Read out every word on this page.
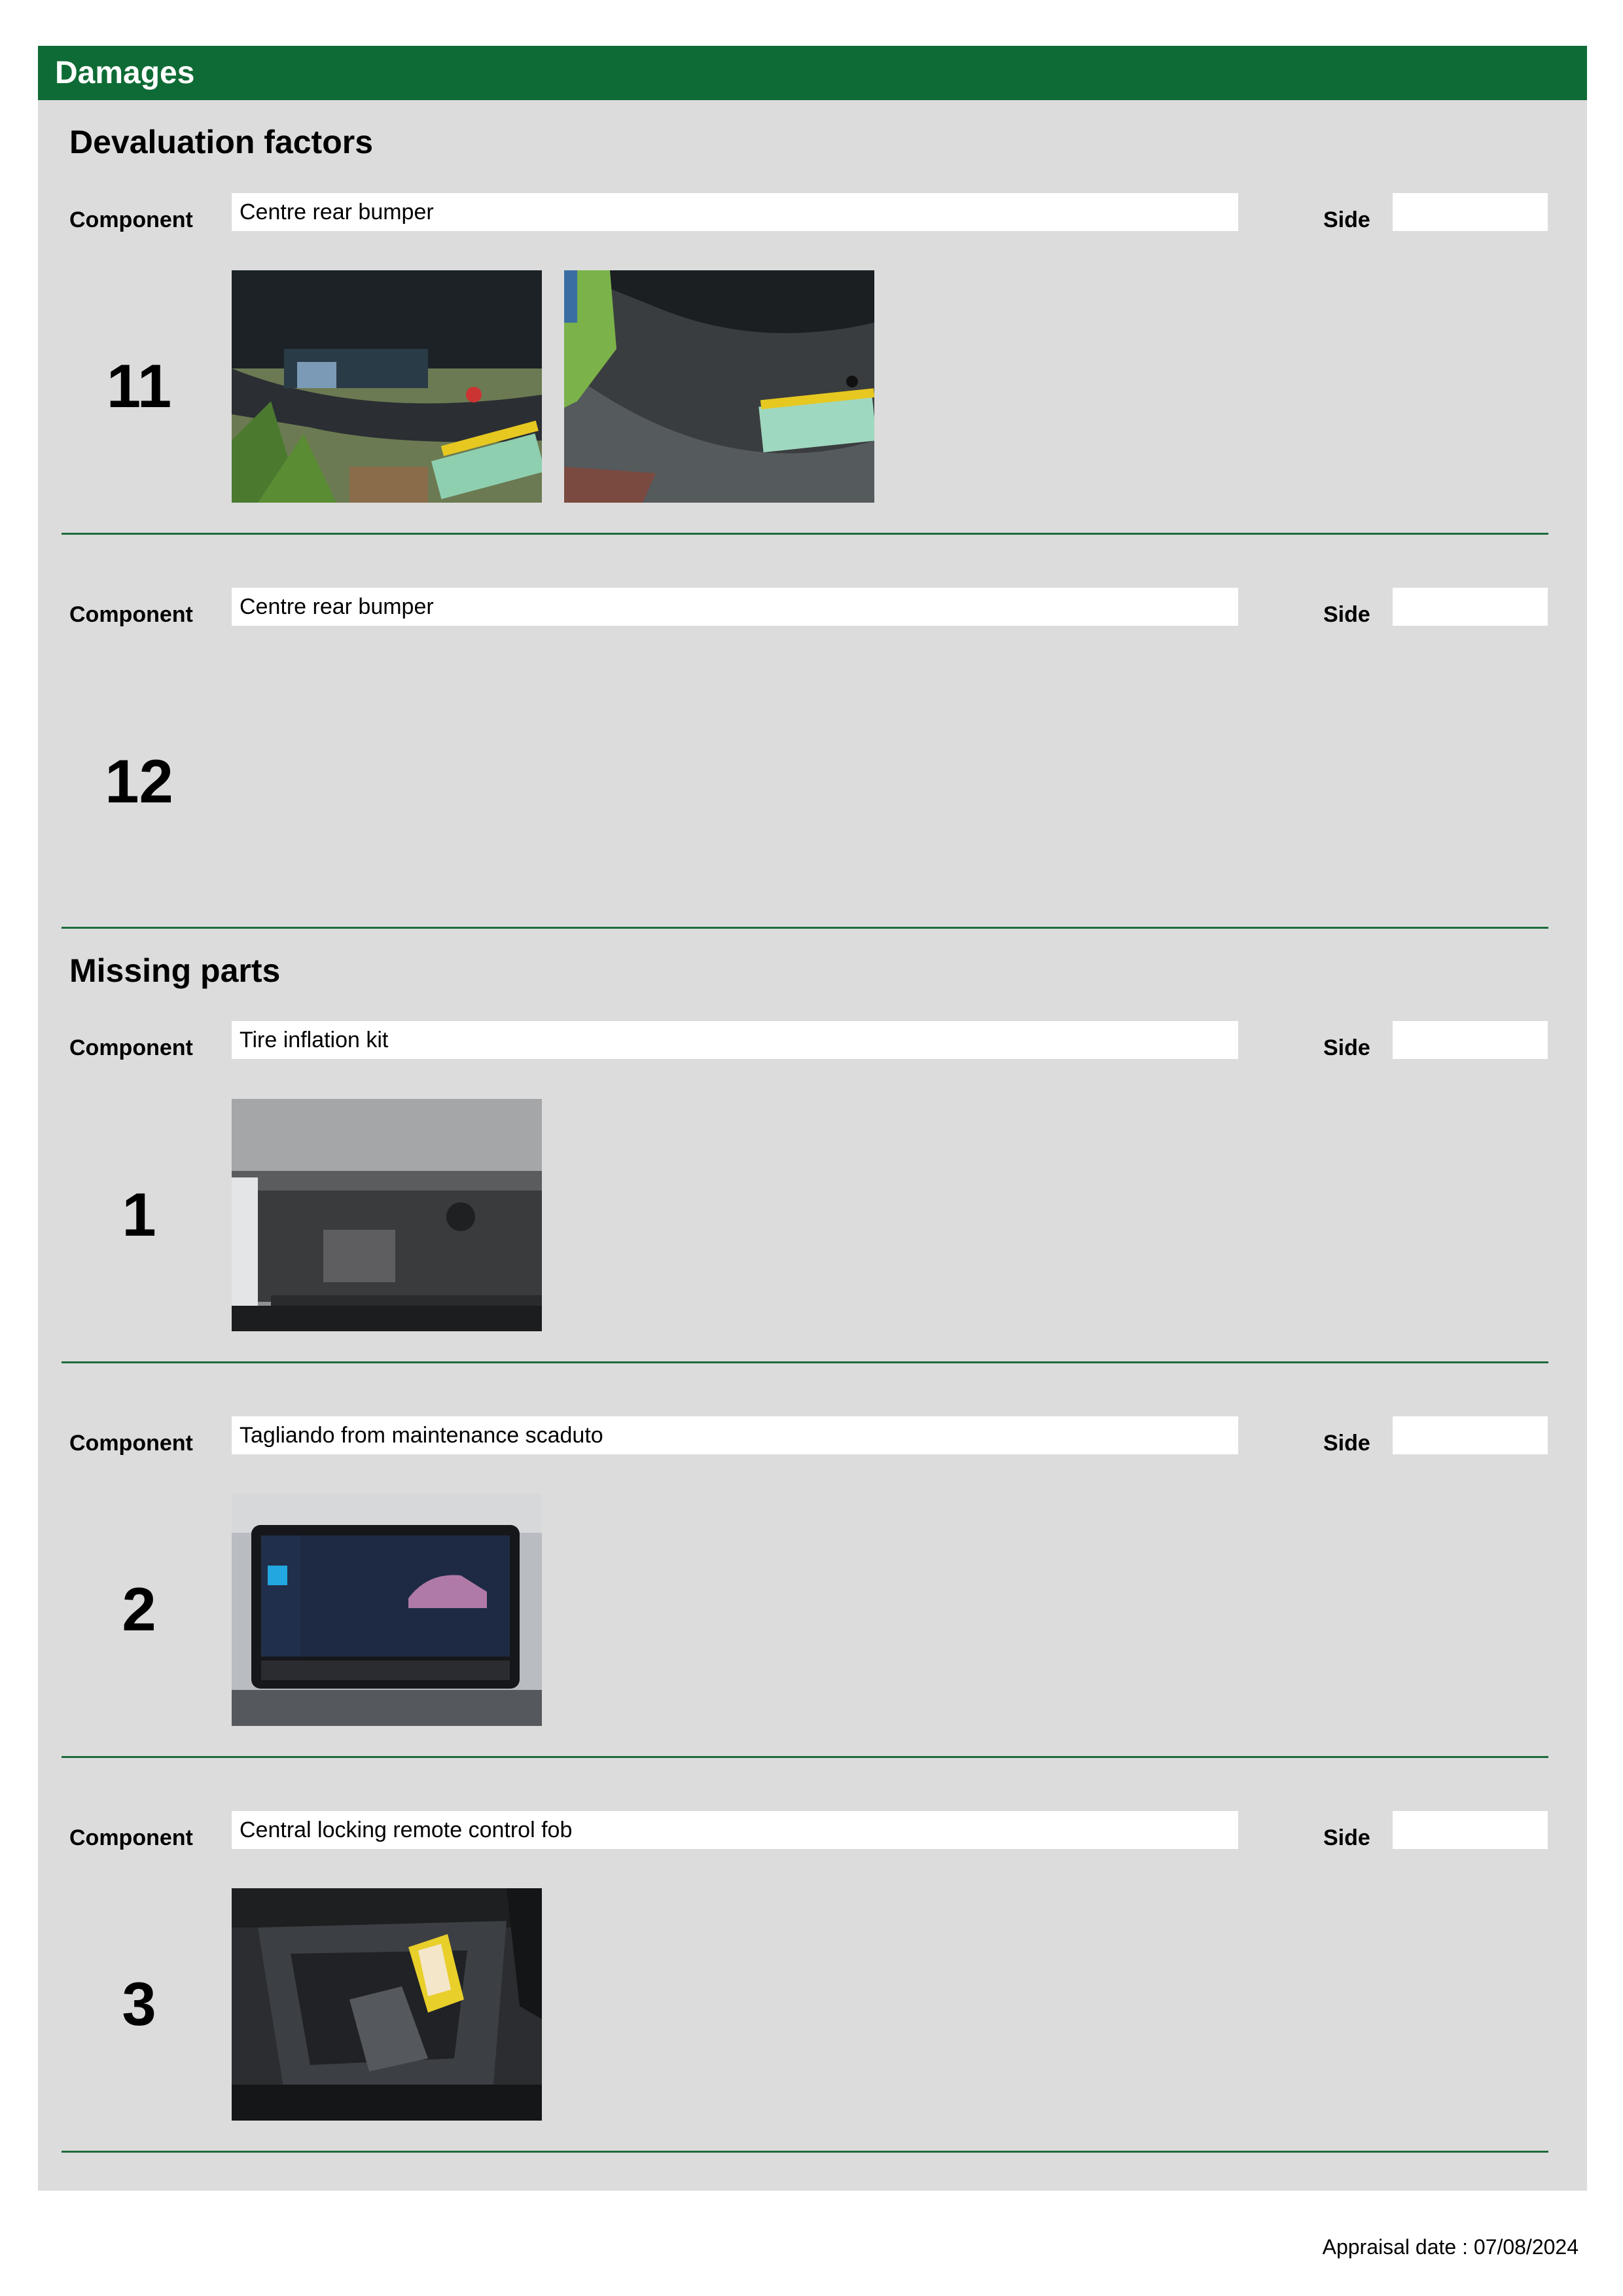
Damages
Devaluation factors
Component	Centre rear bumper	Side
11
Component	Centre rear bumper	Side
12
Missing parts
Component	Tire inflation kit	Side
1
Component	Tagliando from maintenance scaduto	Side
2
Component	Central locking remote control fob	Side
3
Appraisal date : 07/08/2024
